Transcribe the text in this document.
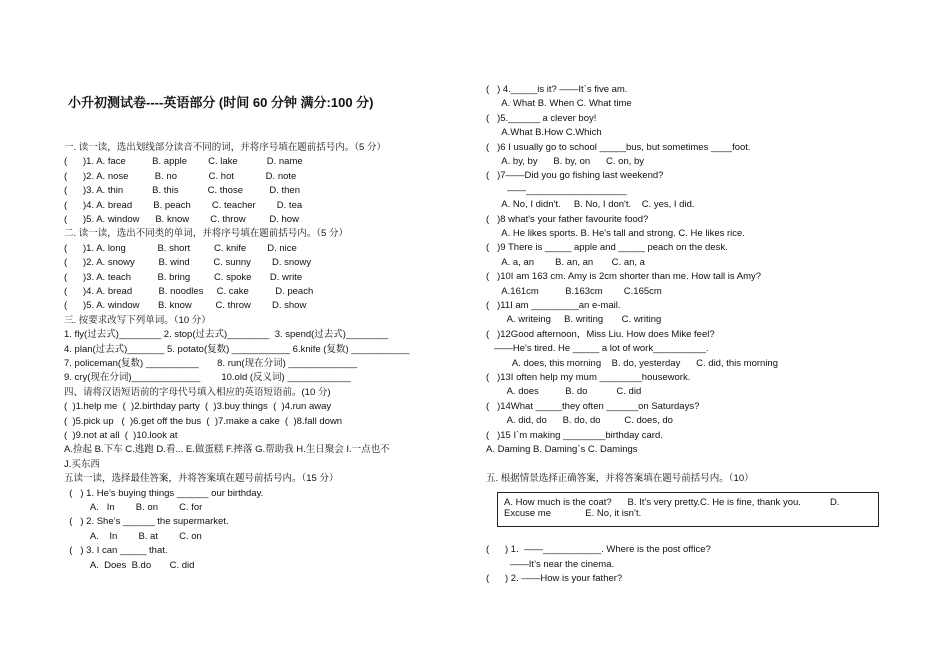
小升初测试卷----英语部分 (时间 60 分钟 满分:100 分)
一. 读一读，选出划线部分读音不同的词，并将序号填在题前括号内。（5 分）
(      )1. A. face          B. apple        C. lake           D. name
(      )2. A. nose          B. no            C. hot            D. note
(      )3. A. thin           B. this           C. those          D. then
(      )4. A. bread        B. peach        C. teacher        D. tea
(      )5. A. window      B. know        C. throw         D. how
二. 读一读，选出不同类的单词，并将序号填在题前括号内。（5 分）
(      )1. A. long            B. short         C. knife        D. nice
(      )2. A. snowy         B. wind         C. sunny        D. snowy
(      )3. A. teach          B. bring         C. spoke       D. write
(      )4. A. bread          B. noodles     C. cake          D. peach
(      )5. A. window       B. know         C. throw        D. show
三. 按要求改写下列单词。（10 分）
1. fly(过去式)________ 2. stop(过去式)________  3. spend(过去式)________
4. plan(过去式)_______ 5. potato(复数) ___________ 6.knife (复数) ___________
7. policeman(复数) __________       8. run(现在分词) _____________
9. cry(现在分词)_____________        10.old (反义词) ____________
四、请将汉语短语前的字母代号填入相应的英语短语前。(10 分)
(  )1.help me  (  )2.birthday party  (  )3.buy things  (  )4.run away
(  )5.pick up   (  )6.get off the bus  (  )7.make a cake  (  )8.fall down
(  )9.not at all  (  )10.look at
A.捡起 B.下车 C.逃跑 D.看... E.做蛋糕 F.摔落 G.帮助我 H.生日聚会 I.一点也不
J.买东西
五读一读，选择最佳答案，并将答案填在题号前括号内。（15 分）
(   ) 1. He’s buying things ______ our birthday.
A.   In        B. on        C. for
(   ) 2. She’s ______ the supermarket.
A.    In        B. at        C. on
(   ) 3. I can _____ that.
A.  Does  B.do       C. did
(   ) 4._____is it? ——It`s five am.
A. What B. When C. What time
(   )5.______ a clever boy!
A.What B.How C.Which
(   )6 I usually go to school _____bus, but sometimes ____foot.
A. by, by      B. by, on      C. on, by
(   )7——Did you go fishing last weekend?
——___________________
A. No, I didn't.     B. No, I don't.    C. yes, I did.
(   )8 what's your father favourite food?
A. He likes sports. B. He's tall and strong. C. He likes rice.
(   )9 There is _____ apple and _____ peach on the desk.
A. a, an        B. an, an       C. an, a
(   )10I am 163 cm. Amy is 2cm shorter than me. How tall is Amy?
A.161cm          B.163cm        C.165cm
(   )11I am _________an e-mail.
A. writeing     B. writing       C. writing
(   )12Good afternoon，Miss Liu. How does Mike feel?
——He's tired. He _____ a lot of work__________.
A. does, this morning    B. do, yesterday      C. did, this morning
(   )13I often help my mum ________housework.
A. does          B. do           C. did
(   )14What _____they often ______on Saturdays?
A. did, do      B. do, do         C. does, do
(   )15 I`m making ________birthday card.
A. Daming B. Daming`s C. Damings
五. 根据情景选择正确答案，并将答案填在题号前括号内。（10）
A. How much is the coat?      B. It’s very pretty.C. He is fine, thank you.           D.
Excuse me             E. No, it isn’t.
(      ) 1.  ——___________. Where is the post office?
——It’s near the cinema.
(      ) 2. ——How is your father?
